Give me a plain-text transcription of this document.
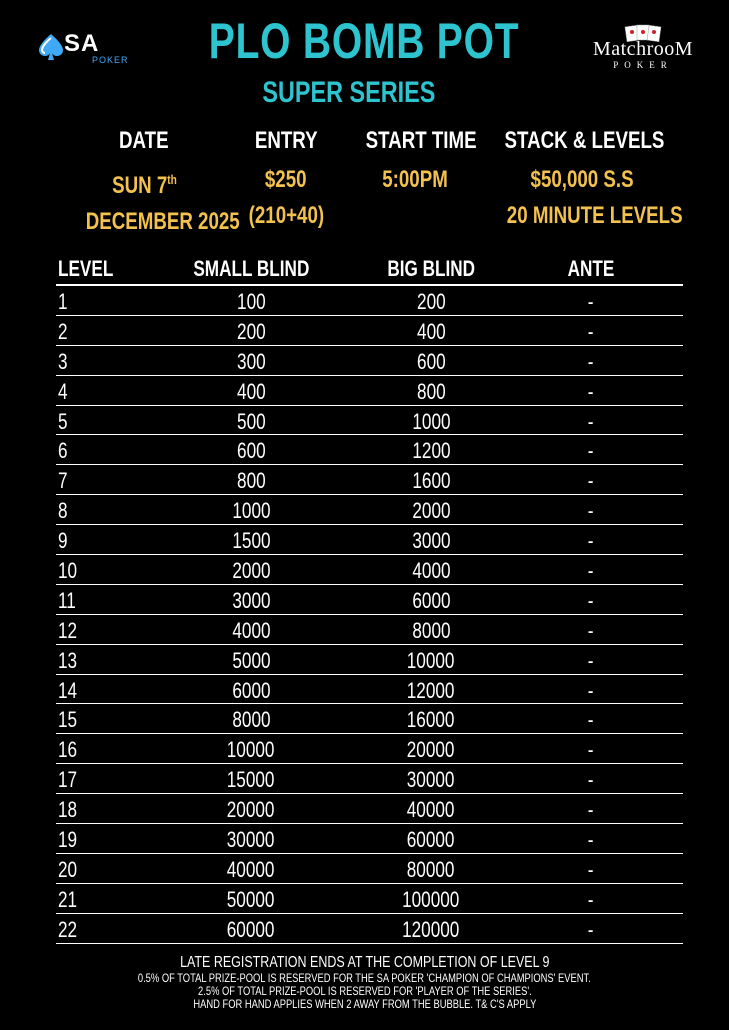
SA
POKER	PLO BOMB POT
SUPER SERIES
MatchrooM
POKER
DATE
SUN 7th
DECEMBER 2025
ENTRY
$250
(210+40)
START TIME
5:00PM
STACK & LEVELS
$50,000 S.S
20 MINUTE LEVELS
LEVEL	SMALL BLIND	BIG BLIND	ANTE
1	100	200	-
2	200	400	-
3	300	600	-
4	400	800	-
5	500	1000	-
6	600	1200	-
7	800	1600	-
8	1000	2000	-
9	1500	3000	-
10	2000	4000	-
11	3000	6000	-
12	4000	8000	-
13	5000	10000	-
14	6000	12000	-
15	8000	16000	-
16	10000	20000	-
17	15000	30000	-
18	20000	40000	-
19	30000	60000	-
20	40000	80000	-
21	50000	100000	-
22	60000	120000	-
LATE REGISTRATION ENDS AT THE COMPLETION OF LEVEL 9
0.5% OF TOTAL PRIZE-POOL IS RESERVED FOR THE SA POKER 'CHAMPION OF CHAMPIONS' EVENT.
2.5% OF TOTAL PRIZE-POOL IS RESERVED FOR 'PLAYER OF THE SERIES'.
HAND FOR HAND APPLIES WHEN 2 AWAY FROM THE BUBBLE. T& C'S APPLY
